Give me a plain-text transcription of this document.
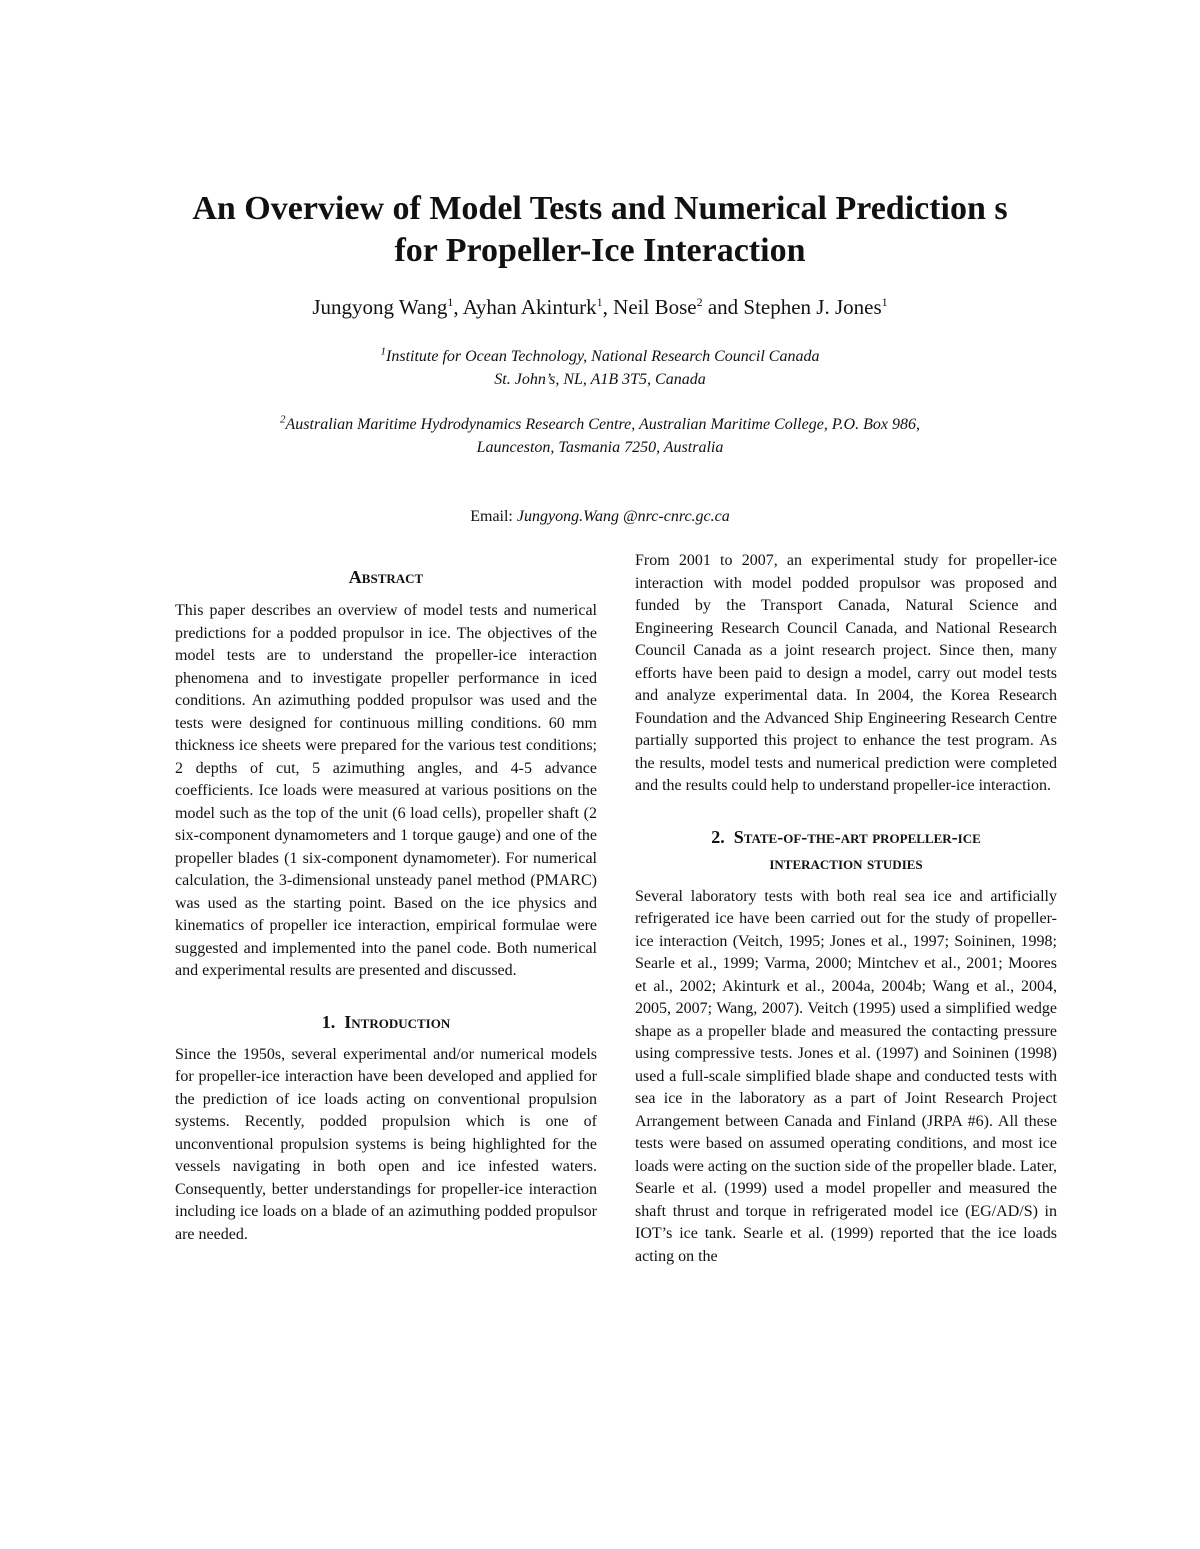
An Overview of Model Tests and Numerical Prediction s
for Propeller-Ice Interaction
Jungyong Wang$^1$, Ayhan Akinturk$^1$, Neil Bose$^2$ and Stephen J. Jones$^1$
$^1$Institute for Ocean Technology, National Research Council Canada
St. John’s, NL, A1B 3T5, Canada
$^2$Australian Maritime Hydrodynamics Research Centre, Australian Maritime College, P.O. Box 986,
Launceston, Tasmania 7250, Australia
Email: Jungyong.Wang @nrc-cnrc.gc.ca
Abstract

This paper describes an overview of model tests and numerical predictions for a podded propulsor in ice. The objectives of the model tests are to understand the propeller-ice interaction phenomena and to investigate propeller performance in iced conditions. An azimuthing podded propulsor was used and the tests were designed for continuous milling conditions. 60 mm thickness ice sheets were prepared for the various test conditions; 2 depths of cut, 5 azimuthing angles, and 4-5 advance coefficients. Ice loads were measured at various positions on the model such as the top of the unit (6 load cells), propeller shaft (2 six-component dynamometers and 1 torque gauge) and one of the propeller blades (1 six-component dynamometer). For numerical calculation, the 3-dimensional unsteady panel method (PMARC) was used as the starting point. Based on the ice physics and kinematics of propeller ice interaction, empirical formulae were suggested and implemented into the panel code. Both numerical and experimental results are presented and discussed.

1. Introduction

Since the 1950s, several experimental and/or numerical models for propeller-ice interaction have been developed and applied for the prediction of ice loads acting on conventional propulsion systems. Recently, podded propulsion which is one of unconventional propulsion systems is being highlighted for the vessels navigating in both open and ice infested waters. Consequently, better understandings for propeller-ice interaction including ice loads on a blade of an azimuthing podded propulsor are needed.

From 2001 to 2007, an experimental study for propeller-ice interaction with model podded propulsor was proposed and funded by the Transport Canada, Natural Science and Engineering Research Council Canada, and National Research Council Canada as a joint research project. Since then, many efforts have been paid to design a model, carry out model tests and analyze experimental data. In 2004, the Korea Research Foundation and the Advanced Ship Engineering Research Centre partially supported this project to enhance the test program. As the results, model tests and numerical prediction were completed and the results could help to understand propeller-ice interaction.

2. State-of-the-art propeller-ice
interaction studies

Several laboratory tests with both real sea ice and artificially refrigerated ice have been carried out for the study of propeller-ice interaction (Veitch, 1995; Jones et al., 1997; Soininen, 1998; Searle et al., 1999; Varma, 2000; Mintchev et al., 2001; Moores et al., 2002; Akinturk et al., 2004a, 2004b; Wang et al., 2004, 2005, 2007; Wang, 2007). Veitch (1995) used a simplified wedge shape as a propeller blade and measured the contacting pressure using compressive tests. Jones et al. (1997) and Soininen (1998) used a full-scale simplified blade shape and conducted tests with sea ice in the laboratory as a part of Joint Research Project Arrangement between Canada and Finland (JRPA #6). All these tests were based on assumed operating conditions, and most ice loads were acting on the suction side of the propeller blade. Later, Searle et al. (1999) used a model propeller and measured the shaft thrust and torque in refrigerated model ice (EG/AD/S) in IOT’s ice tank. Searle et al. (1999) reported that the ice loads acting on the
